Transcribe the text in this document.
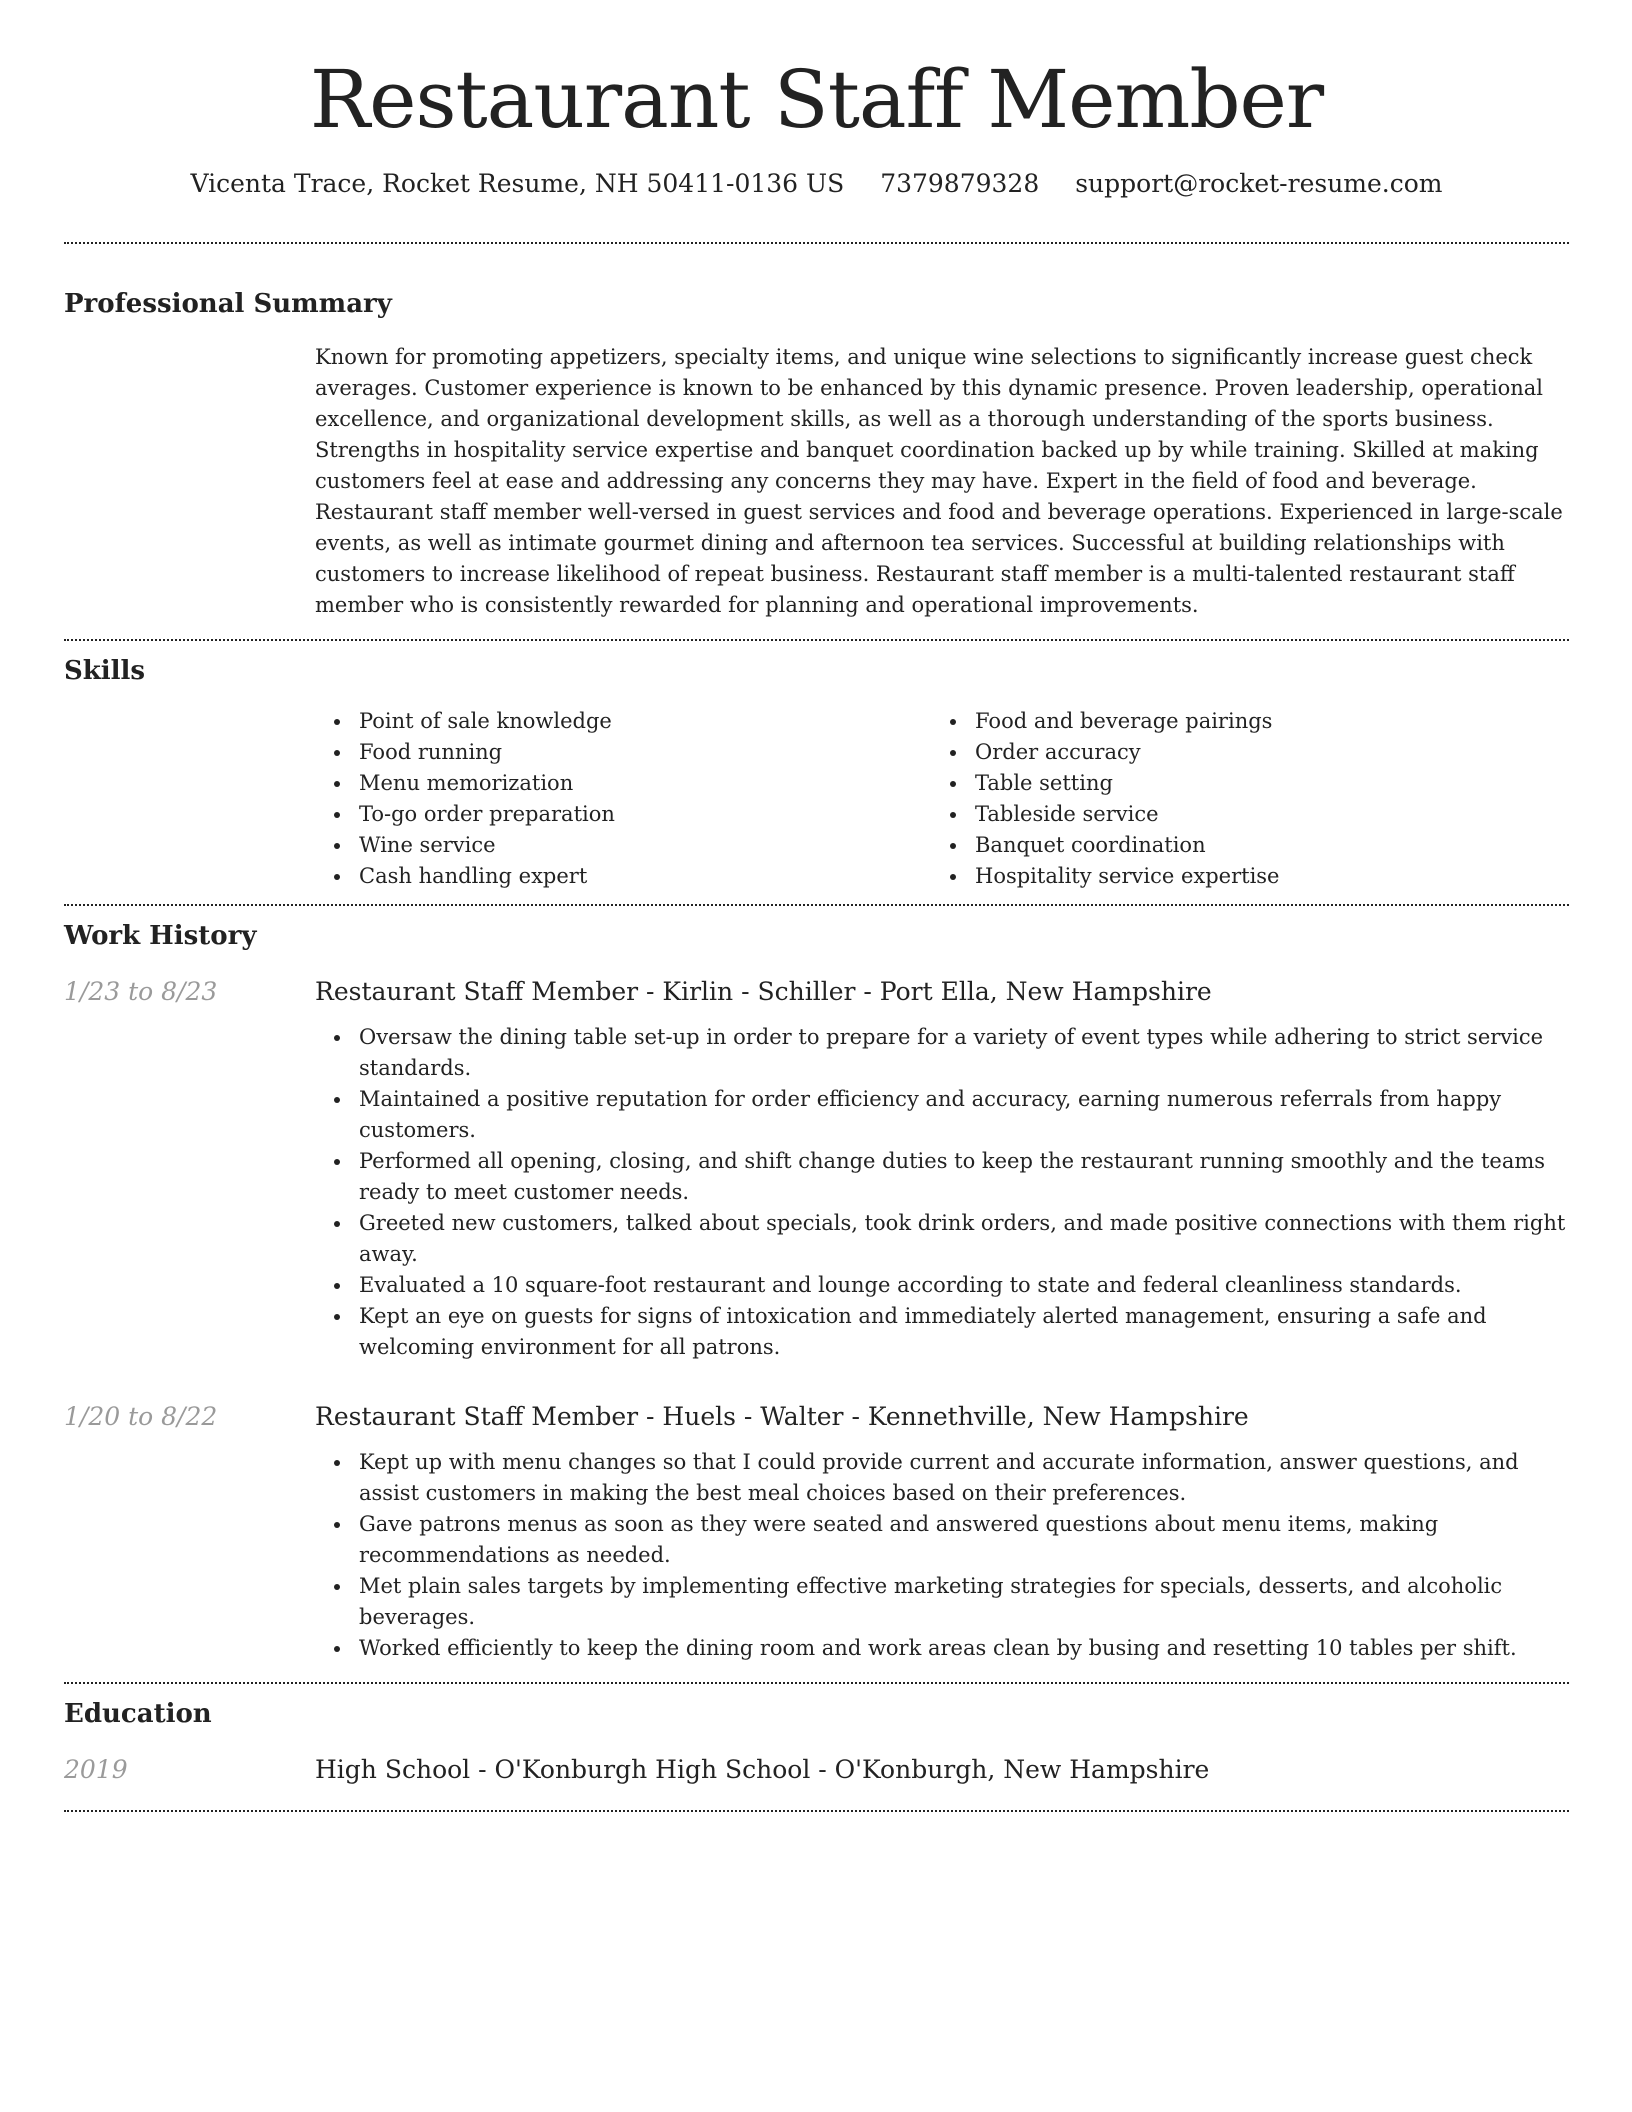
Restaurant Staff Member
Vicenta Trace, Rocket Resume, NH 50411-0136 US 7379879328 support@rocket-resume.com
Professional Summary
Known for promoting appetizers, specialty items, and unique wine selections to significantly increase guest check averages. Customer experience is known to be enhanced by this dynamic presence. Proven leadership, operational excellence, and organizational development skills, as well as a thorough understanding of the sports business. Strengths in hospitality service expertise and banquet coordination backed up by while training. Skilled at making customers feel at ease and addressing any concerns they may have. Expert in the field of food and beverage. Restaurant staff member well-versed in guest services and food and beverage operations. Experienced in large-scale events, as well as intimate gourmet dining and afternoon tea services. Successful at building relationships with customers to increase likelihood of repeat business. Restaurant staff member is a multi-talented restaurant staff member who is consistently rewarded for planning and operational improvements.
Skills
Point of sale knowledge
Food running
Menu memorization
To-go order preparation
Wine service
Cash handling expert
Food and beverage pairings
Order accuracy
Table setting
Tableside service
Banquet coordination
Hospitality service expertise
Work History
1/23 to 8/23	Restaurant Staff Member - Kirlin - Schiller - Port Ella, New Hampshire
Oversaw the dining table set-up in order to prepare for a variety of event types while adhering to strict service standards.
Maintained a positive reputation for order efficiency and accuracy, earning numerous referrals from happy customers.
Performed all opening, closing, and shift change duties to keep the restaurant running smoothly and the teams ready to meet customer needs.
Greeted new customers, talked about specials, took drink orders, and made positive connections with them right away.
Evaluated a 10 square-foot restaurant and lounge according to state and federal cleanliness standards.
Kept an eye on guests for signs of intoxication and immediately alerted management, ensuring a safe and welcoming environment for all patrons.
1/20 to 8/22	Restaurant Staff Member - Huels - Walter - Kennethville, New Hampshire
Kept up with menu changes so that I could provide current and accurate information, answer questions, and assist customers in making the best meal choices based on their preferences.
Gave patrons menus as soon as they were seated and answered questions about menu items, making recommendations as needed.
Met plain sales targets by implementing effective marketing strategies for specials, desserts, and alcoholic beverages.
Worked efficiently to keep the dining room and work areas clean by busing and resetting 10 tables per shift.
Education
2019	High School - O'Konburgh High School - O'Konburgh, New Hampshire
